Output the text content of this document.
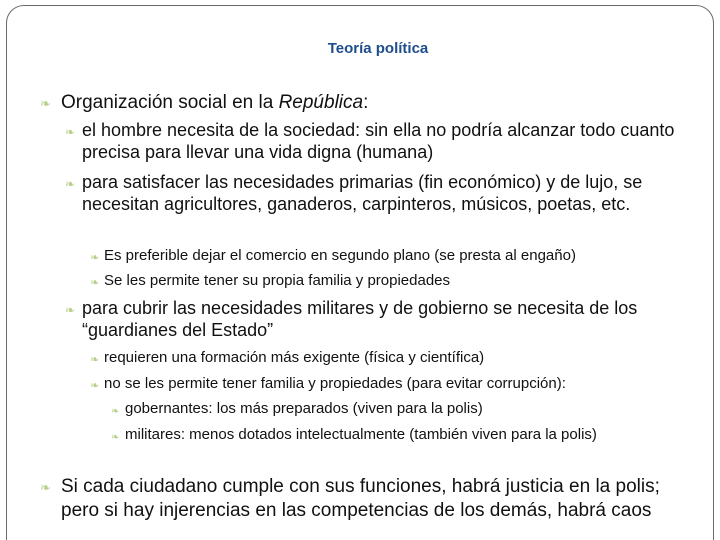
Teoría política
❧ Organización social en la República:
❧ el hombre necesita de la sociedad: sin ella no podría alcanzar todo cuanto precisa para llevar una vida digna (humana)
❧ para satisfacer las necesidades primarias (fin económico) y de lujo, se necesitan agricultores, ganaderos, carpinteros, músicos, poetas, etc.
❧ Es preferible dejar el comercio en segundo plano (se presta al engaño)
❧ Se les permite tener su propia familia y propiedades
❧ para cubrir las necesidades militares y de gobierno se necesita de los “guardianes del Estado”
❧ requieren una formación más exigente (física y científica)
❧ no se les permite tener familia y propiedades (para evitar corrupción):
❧ gobernantes: los más preparados (viven para la polis)
❧ militares: menos dotados intelectualmente (también viven para la polis)
❧ Si cada ciudadano cumple con sus funciones, habrá justicia en la polis; pero si hay injerencias en las competencias de los demás, habrá caos
